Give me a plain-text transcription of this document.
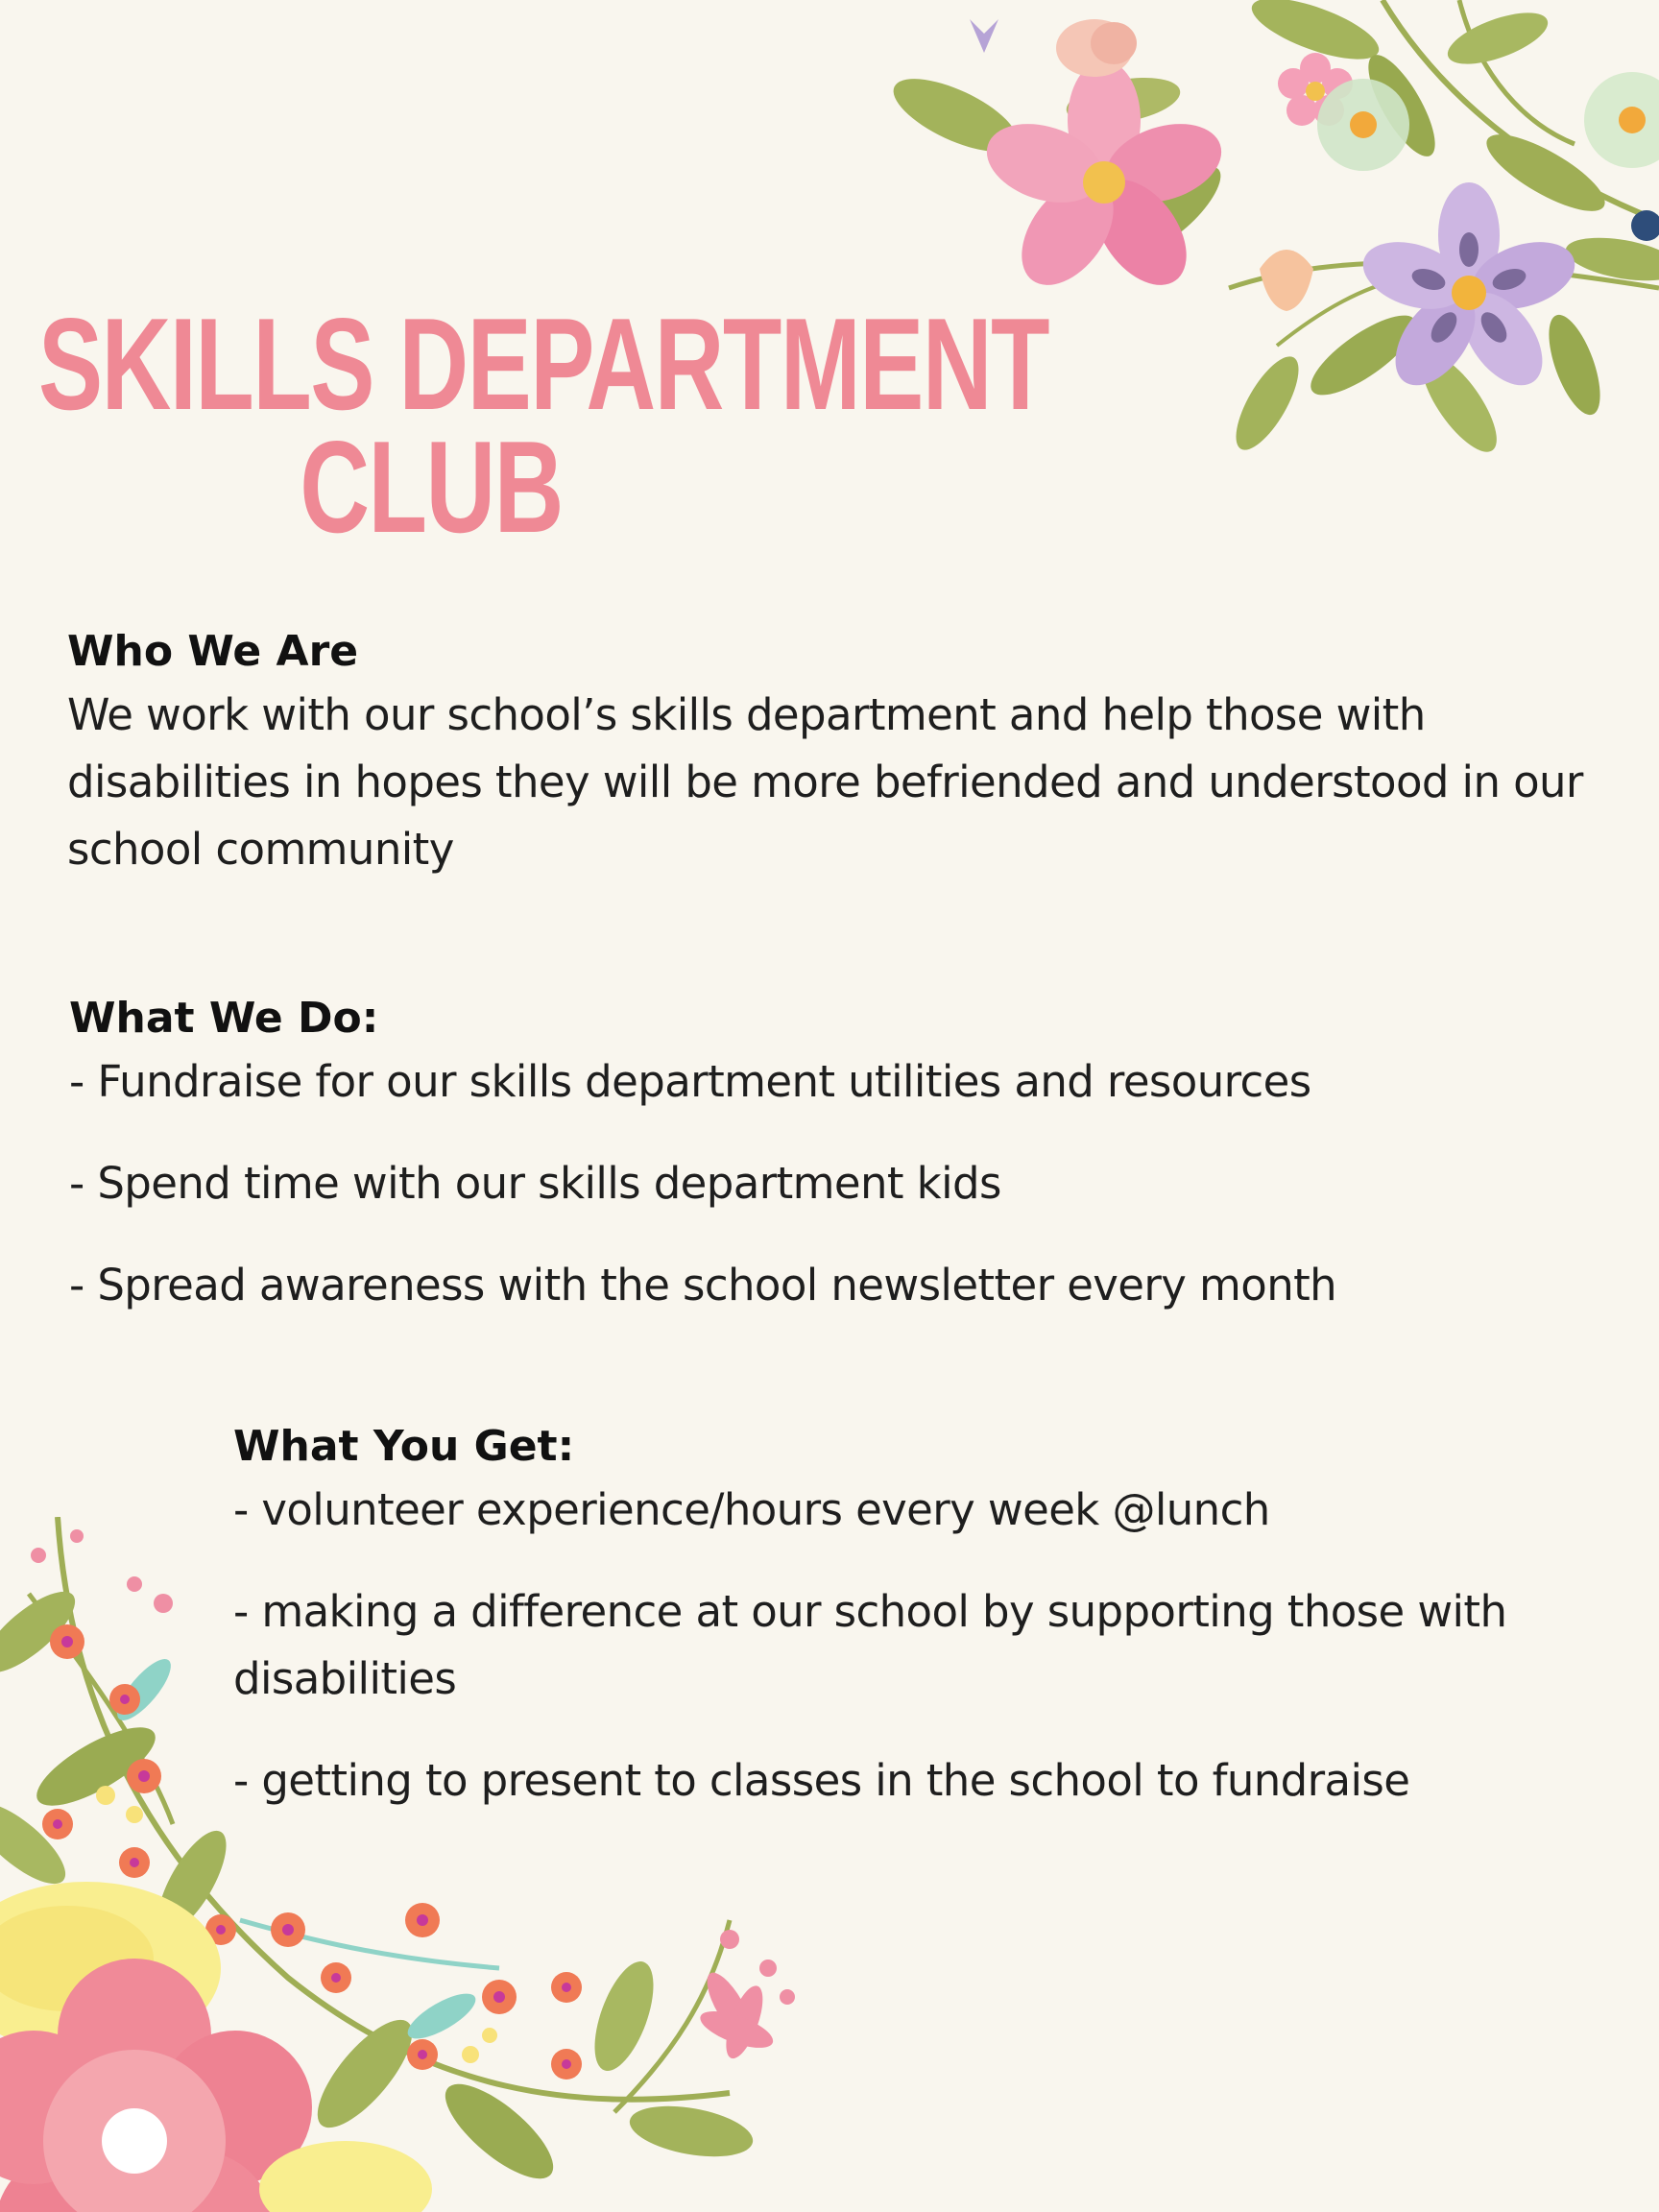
SKILLS DEPARTMENT
CLUB

Who We Are

We work with our school’s skills department and help those with disabilities in hopes they will be more befriended and understood in our school community

What We Do:

- Fundraise for our skills department utilities and resources

- Spend time with our skills department kids

- Spread awareness with the school newsletter every month

What You Get:

- volunteer experience/hours every week @lunch

- making a difference at our school by supporting those with disabilities

- getting to present to classes in the school to fundraise
